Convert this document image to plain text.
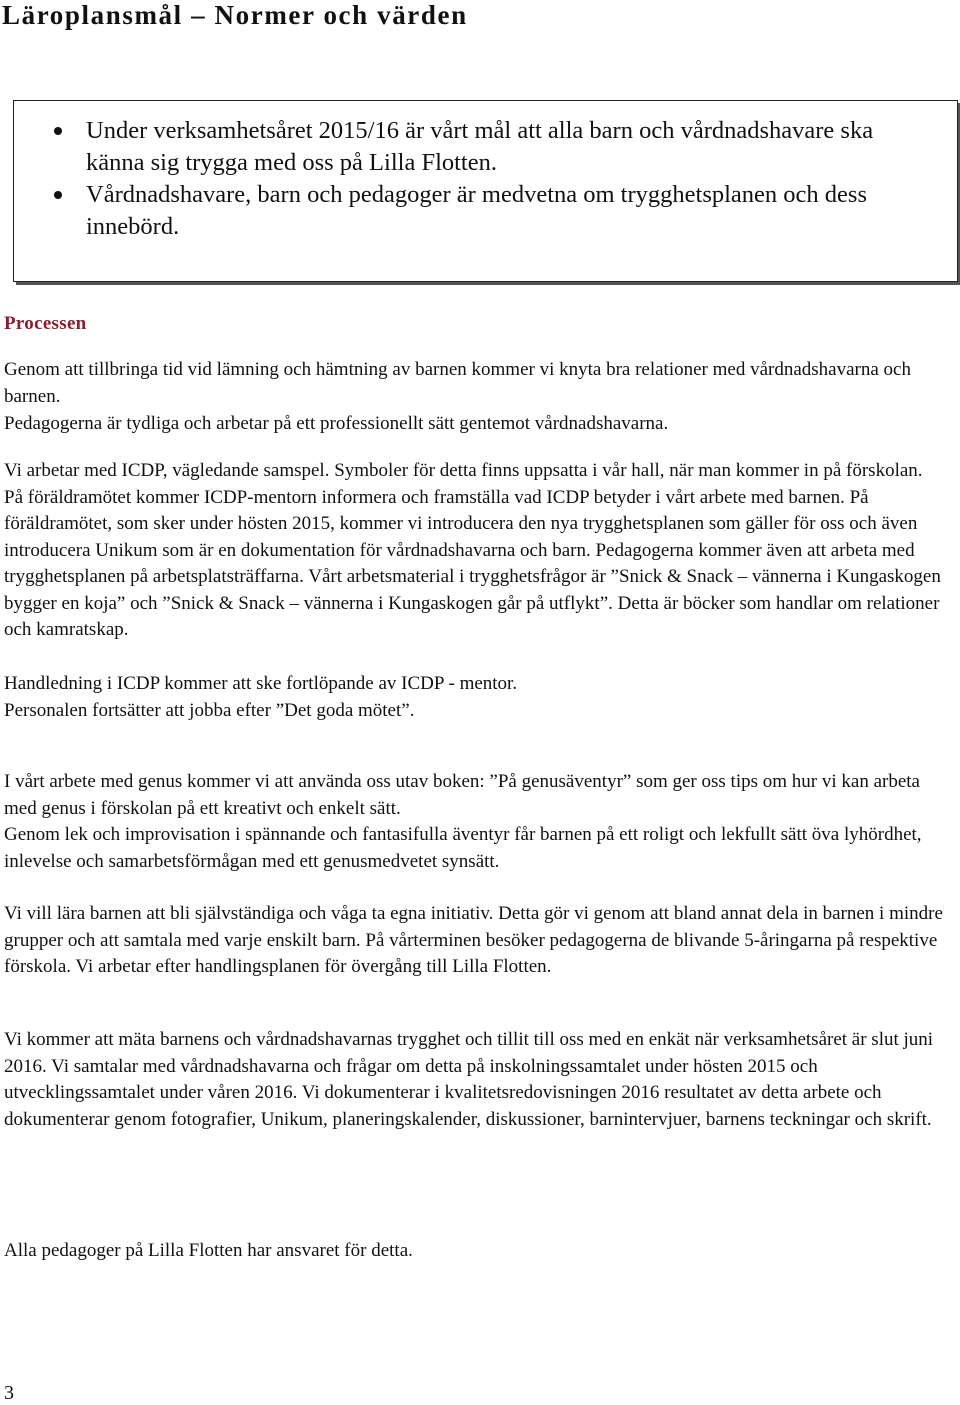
Läroplansmål – Normer och värden
Under verksamhetsåret 2015/16 är vårt mål att alla barn och vårdnadshavare ska känna sig trygga med oss på Lilla Flotten.
Vårdnadshavare, barn och pedagoger är medvetna om trygghetsplanen och dess innebörd.
Processen

Genom att tillbringa tid vid lämning och hämtning av barnen kommer vi knyta bra relationer med vårdnadshavarna och barnen.

Pedagogerna är tydliga och arbetar på ett professionellt sätt gentemot vårdnadshavarna.

Vi arbetar med ICDP, vägledande samspel. Symboler för detta finns uppsatta i vår hall, när man kommer in på förskolan. På föräldramötet kommer ICDP-mentorn informera och framställa vad ICDP betyder i vårt arbete med barnen. På föräldramötet, som sker under hösten 2015, kommer vi introducera den nya trygghetsplanen som gäller för oss och även introducera Unikum som är en dokumentation för vårdnadshavarna och barn. Pedagogerna kommer även att arbeta med trygghetsplanen på arbetsplatsträffarna. Vårt arbetsmaterial i trygghetsfrågor är ”Snick & Snack – vännerna i Kungaskogen bygger en koja” och ”Snick & Snack – vännerna i Kungaskogen går på utflykt”. Detta är böcker som handlar om relationer och kamratskap.

Handledning i ICDP kommer att ske fortlöpande av ICDP - mentor.

Personalen fortsätter att jobba efter ”Det goda mötet”.

I vårt arbete med genus kommer vi att använda oss utav boken: ”På genusäventyr” som ger oss tips om hur vi kan arbeta med genus i förskolan på ett kreativt och enkelt sätt.

Genom lek och improvisation i spännande och fantasifulla äventyr får barnen på ett roligt och lekfullt sätt öva lyhördhet, inlevelse och samarbetsförmågan med ett genusmedvetet synsätt.

Vi vill lära barnen att bli självständiga och våga ta egna initiativ. Detta gör vi genom att bland annat dela in barnen i mindre grupper och att samtala med varje enskilt barn. På vårterminen besöker pedagogerna de blivande 5-åringarna på respektive förskola. Vi arbetar efter handlingsplanen för övergång till Lilla Flotten.

Vi kommer att mäta barnens och vårdnadshavarnas trygghet och tillit till oss med en enkät när verksamhetsåret är slut juni 2016. Vi samtalar med vårdnadshavarna och frågar om detta på inskolningssamtalet under hösten 2015 och utvecklingssamtalet under våren 2016. Vi dokumenterar i kvalitetsredovisningen 2016 resultatet av detta arbete och dokumenterar genom fotografier, Unikum, planeringskalender, diskussioner, barnintervjuer, barnens teckningar och skrift.

Alla pedagoger på Lilla Flotten har ansvaret för detta.

3
